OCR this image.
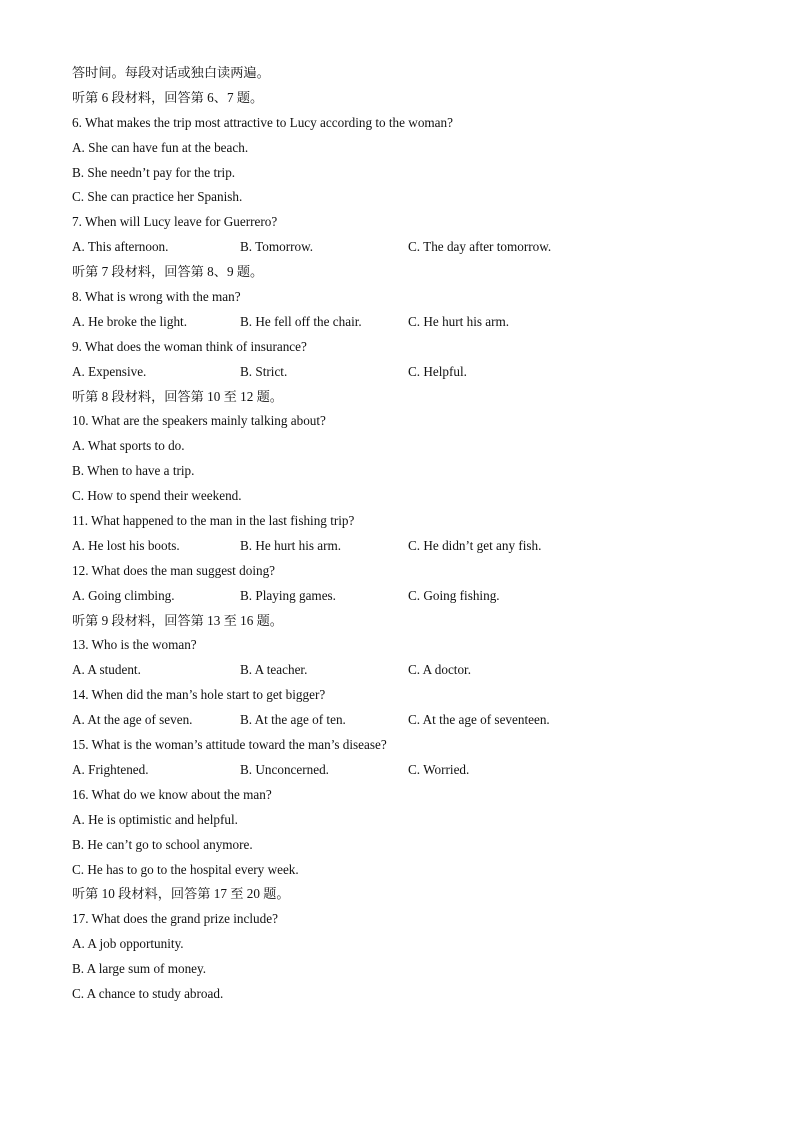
答时间。每段对话或独白读两遍。
听第 6 段材料，回答第 6、7 题。
6. What makes the trip most attractive to Lucy according to the woman?
A. She can have fun at the beach.
B. She needn’t pay for the trip.
C. She can practice her Spanish.
7. When will Lucy leave for Guerrero?
A. This afternoon.	B. Tomorrow.	C. The day after tomorrow.
听第 7 段材料，回答第 8、9 题。
8. What is wrong with the man?
A. He broke the light.	B. He fell off the chair.	C. He hurt his arm.
9. What does the woman think of insurance?
A. Expensive.	B. Strict.	C. Helpful.
听第 8 段材料，回答第 10 至 12 题。
10. What are the speakers mainly talking about?
A. What sports to do.
B. When to have a trip.
C. How to spend their weekend.
11. What happened to the man in the last fishing trip?
A. He lost his boots.	B. He hurt his arm.	C. He didn’t get any fish.
12. What does the man suggest doing?
A. Going climbing.	B. Playing games.	C. Going fishing.
听第 9 段材料，回答第 13 至 16 题。
13. Who is the woman?
A. A student.	B. A teacher.	C. A doctor.
14. When did the man’s hole start to get bigger?
A. At the age of seven.	B. At the age of ten.	C. At the age of seventeen.
15. What is the woman’s attitude toward the man’s disease?
A. Frightened.	B. Unconcerned.	C. Worried.
16. What do we know about the man?
A. He is optimistic and helpful.
B. He can’t go to school anymore.
C. He has to go to the hospital every week.
听第 10 段材料，回答第 17 至 20 题。
17. What does the grand prize include?
A. A job opportunity.
B. A large sum of money.
C. A chance to study abroad.
